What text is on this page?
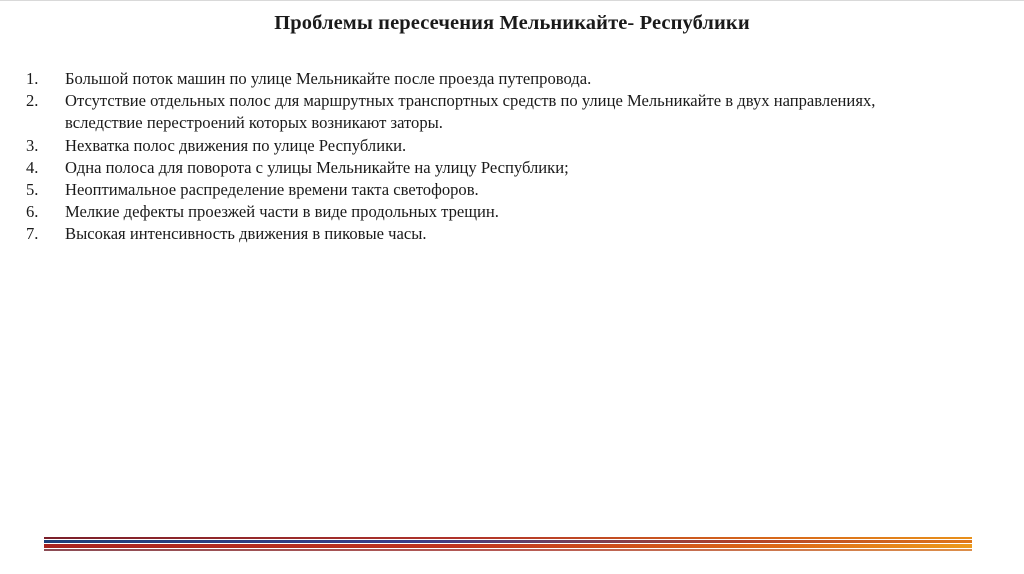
Проблемы пересечения Мельникайте- Республики
1.	Большой поток машин по улице Мельникайте после проезда путепровода.
2.	Отсутствие отдельных полос для маршрутных транспортных средств по улице Мельникайте в двух направлениях, вследствие перестроений которых возникают заторы.
3.	Нехватка полос движения по улице Республики.
4.	Одна полоса для поворота с улицы Мельникайте на улицу Республики;
5.	Неоптимальное распределение времени такта светофоров.
6.	Мелкие дефекты проезжей части в виде продольных трещин.
7.	Высокая интенсивность движения в пиковые часы.
